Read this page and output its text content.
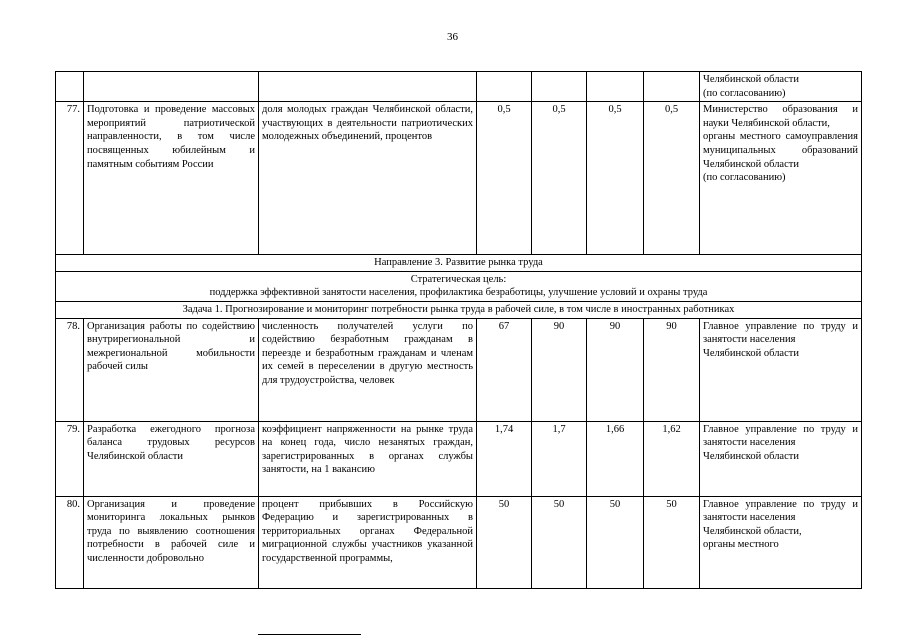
36

							Челябинской области
(по согласованию)

77.	Подготовка и проведение массовых мероприятий патриотической направленности, в том числе посвященных юбилейным и памятным событиям России	доля молодых граждан Челябинской области, участвующих в деятельности патриотических молодежных объединений, процентов	0,5	0,5	0,5	0,5	Министерство образования и науки Челябинской области,
органы местного самоуправления муниципальных образований Челябинской области
(по согласованию)

Направление 3. Развитие рынка труда							

Стратегическая цель:
поддержка эффективной занятости населения, профилактика безработицы, улучшение условий и охраны труда							

Задача 1. Прогнозирование и мониторинг потребности рынка труда в рабочей силе, в том числе в иностранных работниках							
78.	Организация работы по содействию внутрирегиональной и межрегиональной мобильности рабочей силы	численность получателей услуги по содействию безработным гражданам в переезде и безработным гражданам и членам их семей в переселении в другую местность для трудоустройства, человек	67	90	90	90	Главное управление по труду и занятости населения
Челябинской области

79.	Разработка ежегодного прогноза баланса трудовых ресурсов Челябинской области	коэффициент напряженности на рынке труда на конец года, число незанятых граждан, зарегистрированных в органах службы занятости, на 1 вакансию	1,74	1,7	1,66	1,62	Главное управление по труду и занятости населения
Челябинской области

80.	Организация и проведение мониторинга локальных рынков труда по выявлению соотношения потребности в рабочей силе и численности добровольно	процент прибывших в Российскую Федерацию и зарегистрированных в территориальных органах Федеральной миграционной службы участников указанной государственной программы,	50	50	50	50	Главное управление по труду и занятости населения
Челябинской области,
органы местного
